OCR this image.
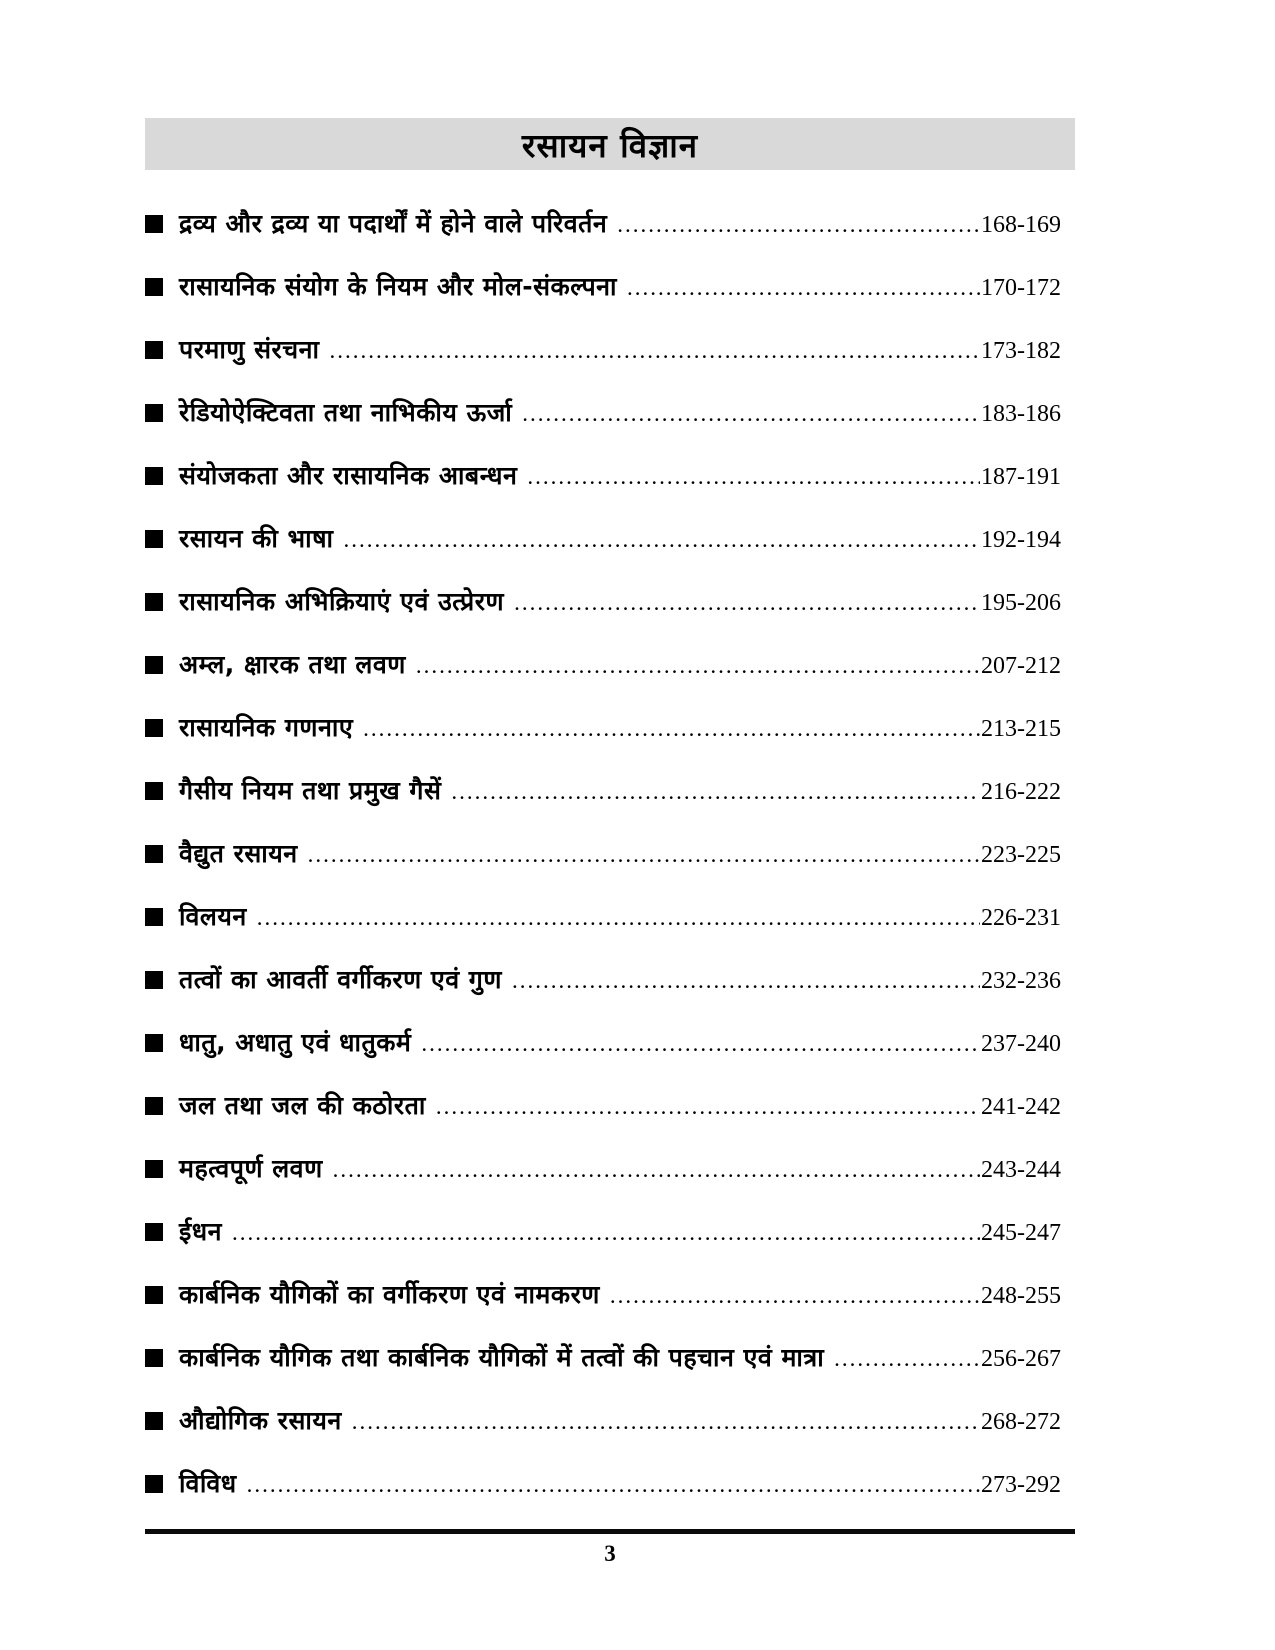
रसायन विज्ञान
द्रव्य और द्रव्य या पदार्थों में होने वाले परिवर्तन .....	168-169
रासायनिक संयोग के नियम और मोल-संकल्पना .....	170-172
परमाणु संरचना .....	173-182
रेडियोऐक्टिवता तथा नाभिकीय ऊर्जा .....	183-186
संयोजकता और रासायनिक आबन्धन .....	187-191
रसायन की भाषा .....	192-194
रासायनिक अभिक्रियाएं एवं उत्प्रेरण .....	195-206
अम्ल, क्षारक तथा लवण .....	207-212
रासायनिक गणनाए .....	213-215
गैसीय नियम तथा प्रमुख गैसें .....	216-222
वैद्युत रसायन .....	223-225
विलयन .....	226-231
तत्वों का आवर्ती वर्गीकरण एवं गुण .....	232-236
धातु, अधातु एवं धातुकर्म .....	237-240
जल तथा जल की कठोरता .....	241-242
महत्वपूर्ण लवण .....	243-244
ईधन .....	245-247
कार्बनिक यौगिकों का वर्गीकरण एवं नामकरण .....	248-255
कार्बनिक यौगिक तथा कार्बनिक यौगिकों में तत्वों की पहचान एवं मात्रा .....	256-267
औद्योगिक रसायन .....	268-272
विविध .....	273-292
3
